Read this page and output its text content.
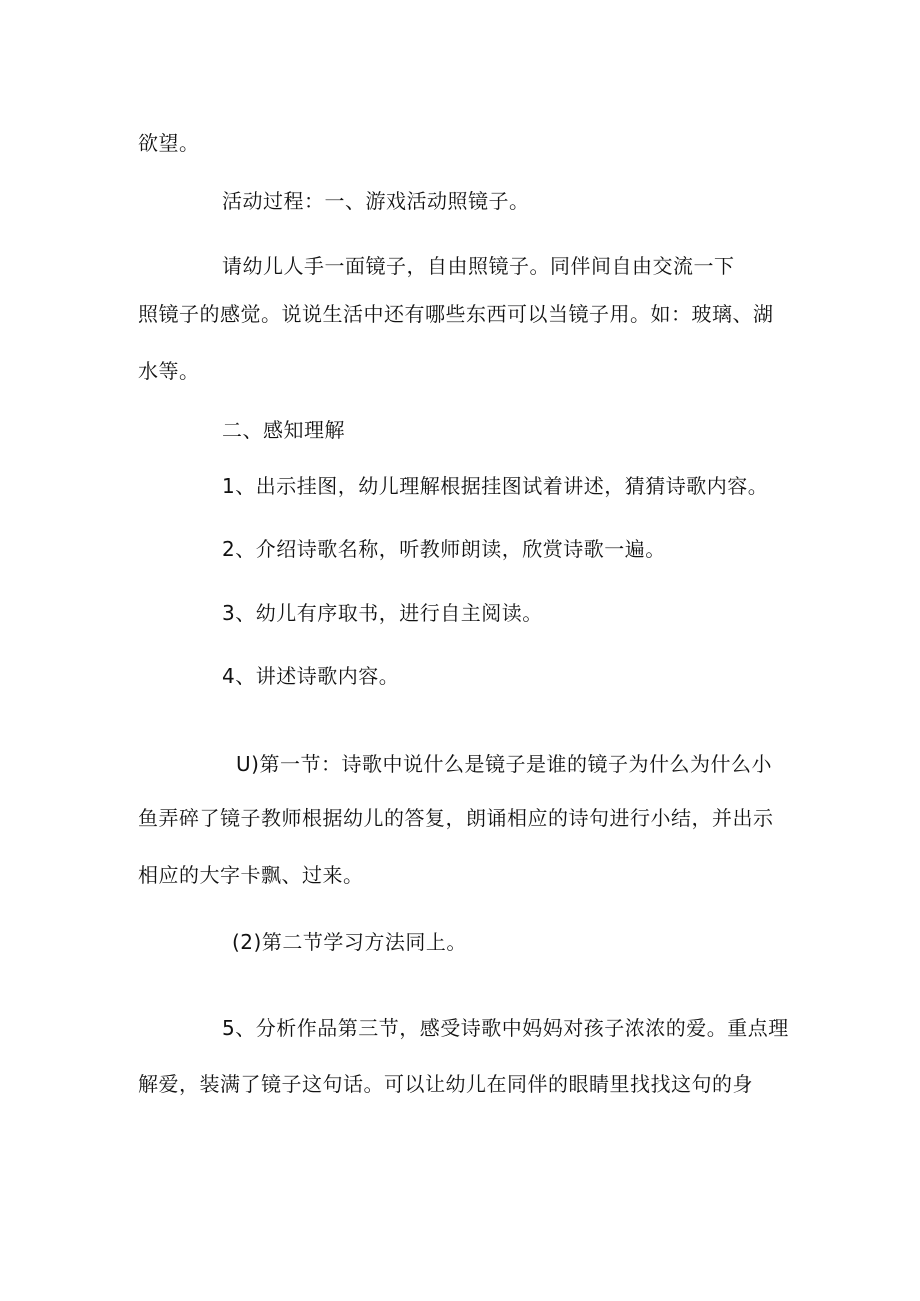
欲望。
活动过程：一、游戏活动照镜子。
请幼儿人手一面镜子，自由照镜子。同伴间自由交流一下
照镜子的感觉。说说生活中还有哪些东西可以当镜子用。如：玻璃、湖
水等。
二、感知理解
1、出示挂图，幼儿理解根据挂图试着讲述，猜猜诗歌内容。
2、介绍诗歌名称，听教师朗读，欣赏诗歌一遍。
3、幼儿有序取书，进行自主阅读。
4、讲述诗歌内容。
U)第一节：诗歌中说什么是镜子是谁的镜子为什么为什么小
鱼弄碎了镜子教师根据幼儿的答复，朗诵相应的诗句进行小结，并出示
相应的大字卡飘、过来。
(2)第二节学习方法同上。
5、分析作品第三节，感受诗歌中妈妈对孩子浓浓的爱。重点理
解爱，装满了镜子这句话。可以让幼儿在同伴的眼睛里找找这句的身
